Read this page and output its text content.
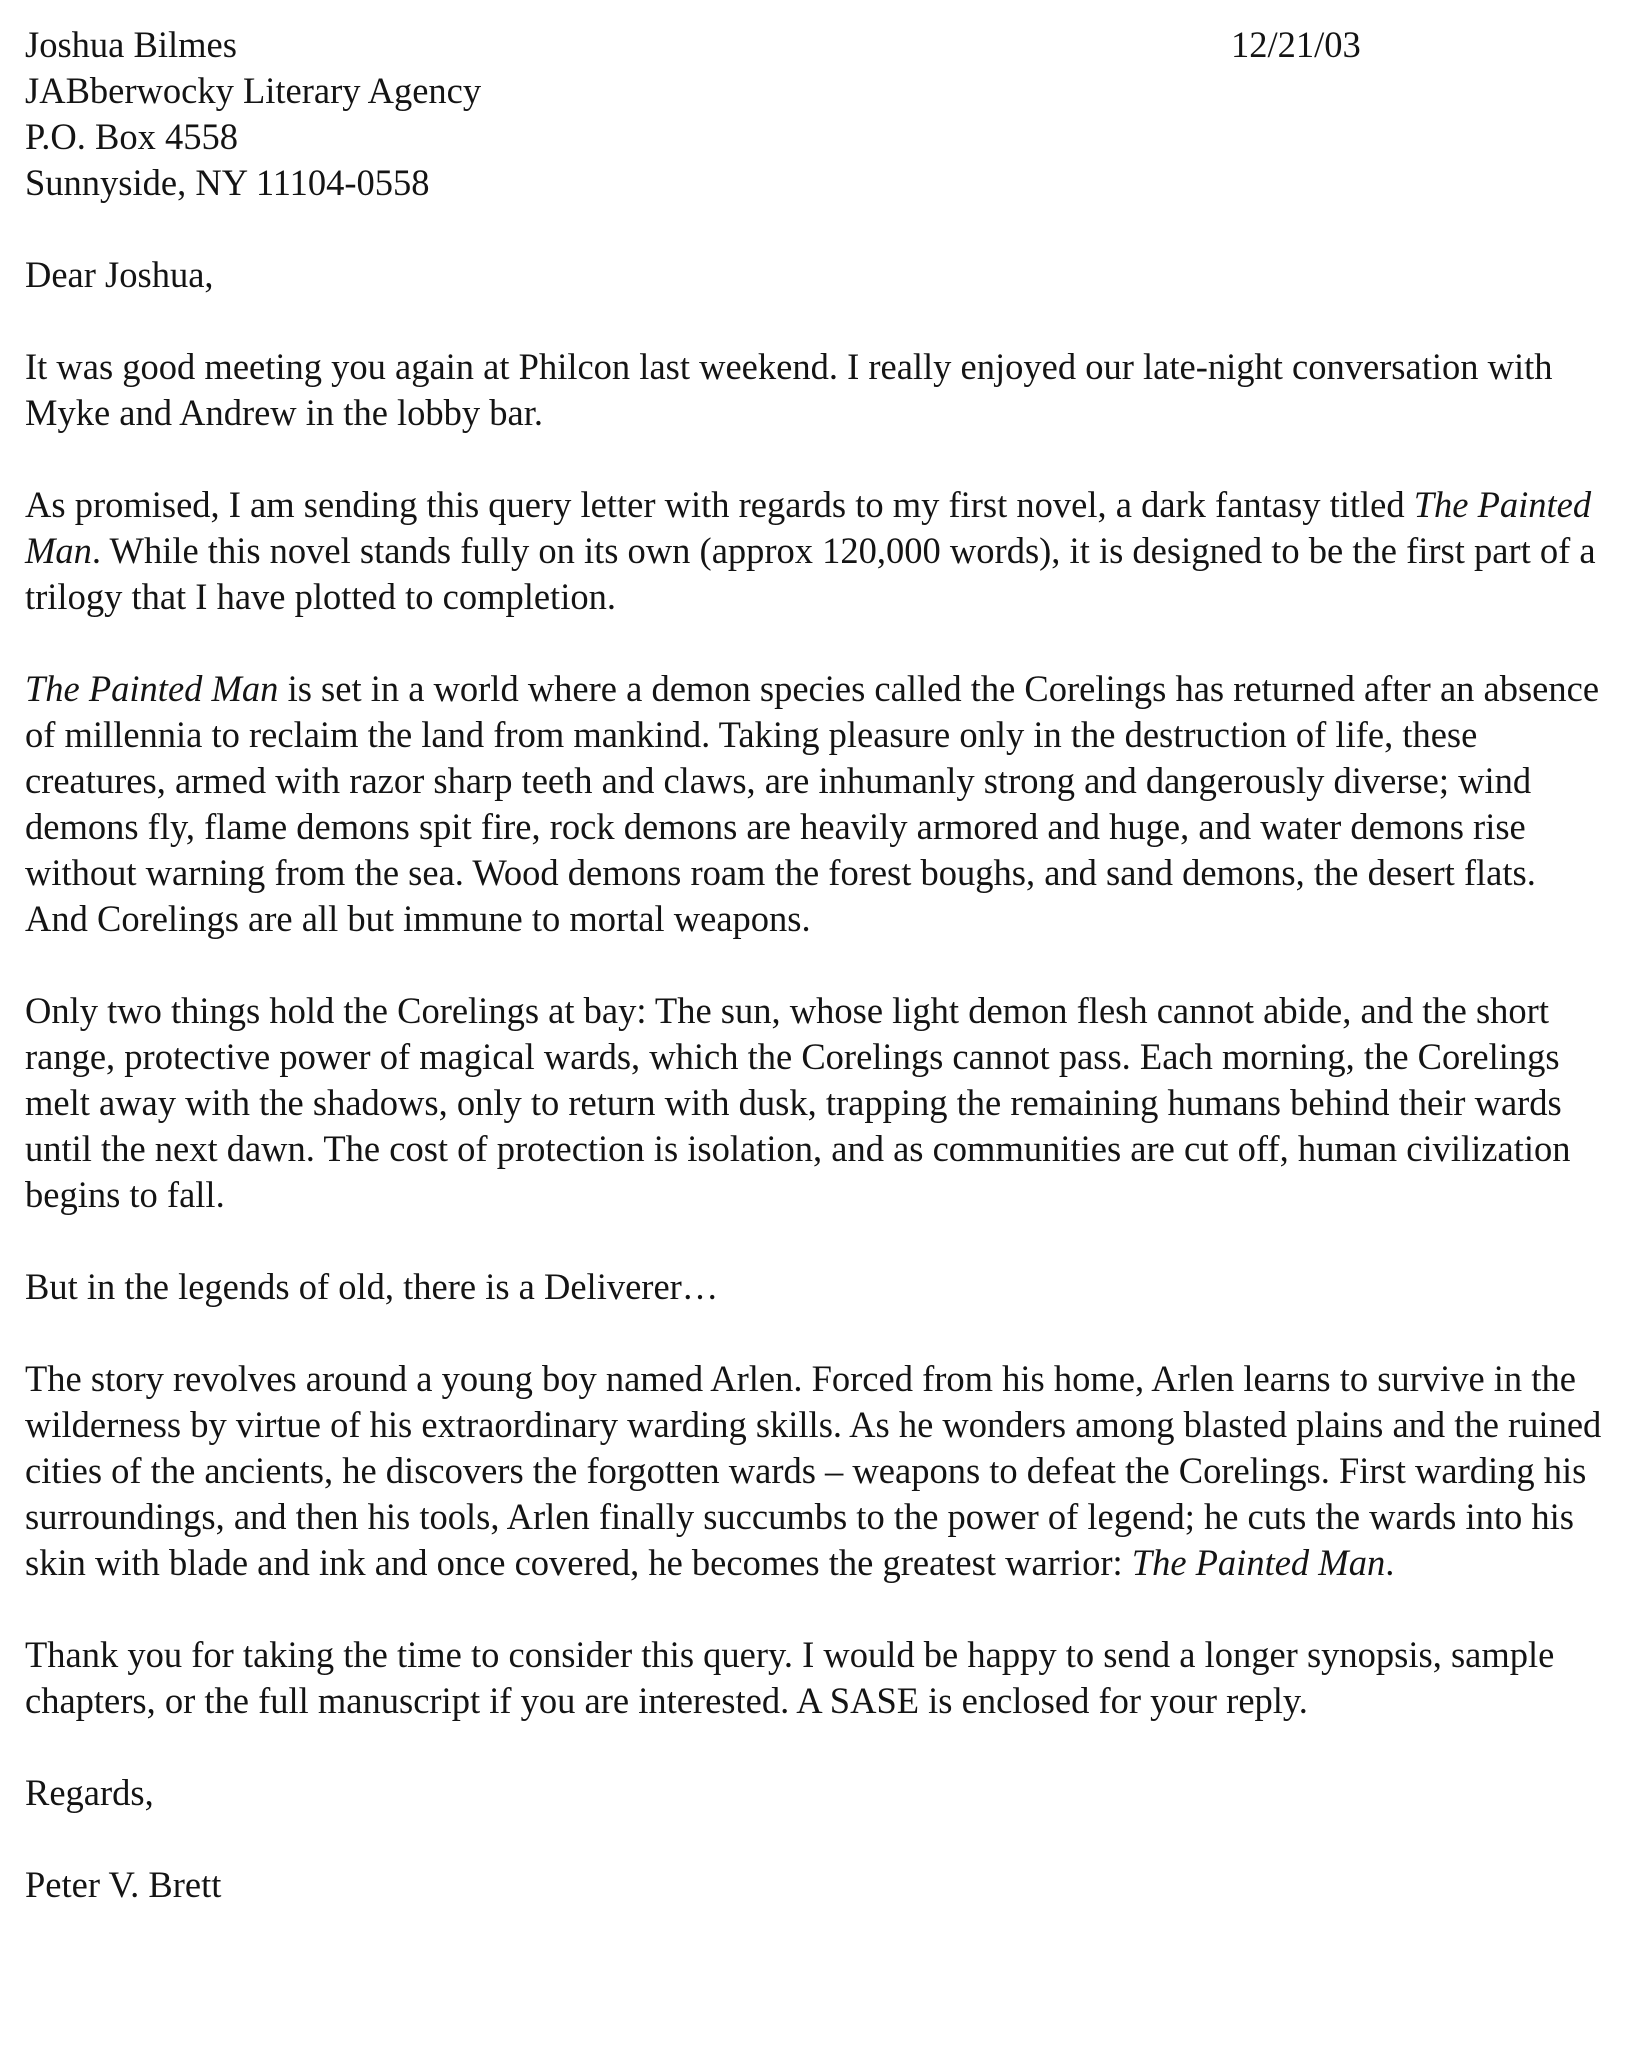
Joshua Bilmes
JABberwocky Literary Agency
P.O. Box 4558
Sunnyside, NY 11104-0558
12/21/03

Dear Joshua,

It was good meeting you again at Philcon last weekend. I really enjoyed our late-night conversation with Myke and Andrew in the lobby bar.

As promised, I am sending this query letter with regards to my first novel, a dark fantasy titled The Painted Man. While this novel stands fully on its own (approx 120,000 words), it is designed to be the first part of a trilogy that I have plotted to completion.

The Painted Man is set in a world where a demon species called the Corelings has returned after an absence of millennia to reclaim the land from mankind. Taking pleasure only in the destruction of life, these creatures, armed with razor sharp teeth and claws, are inhumanly strong and dangerously diverse; wind demons fly, flame demons spit fire, rock demons are heavily armored and huge, and water demons rise without warning from the sea. Wood demons roam the forest boughs, and sand demons, the desert flats. And Corelings are all but immune to mortal weapons.

Only two things hold the Corelings at bay: The sun, whose light demon flesh cannot abide, and the short range, protective power of magical wards, which the Corelings cannot pass. Each morning, the Corelings melt away with the shadows, only to return with dusk, trapping the remaining humans behind their wards until the next dawn. The cost of protection is isolation, and as communities are cut off, human civilization begins to fall.

But in the legends of old, there is a Deliverer…

The story revolves around a young boy named Arlen. Forced from his home, Arlen learns to survive in the wilderness by virtue of his extraordinary warding skills. As he wonders among blasted plains and the ruined cities of the ancients, he discovers the forgotten wards – weapons to defeat the Corelings. First warding his surroundings, and then his tools, Arlen finally succumbs to the power of legend; he cuts the wards into his skin with blade and ink and once covered, he becomes the greatest warrior: The Painted Man.

Thank you for taking the time to consider this query. I would be happy to send a longer synopsis, sample chapters, or the full manuscript if you are interested. A SASE is enclosed for your reply.

Regards,

Peter V. Brett
